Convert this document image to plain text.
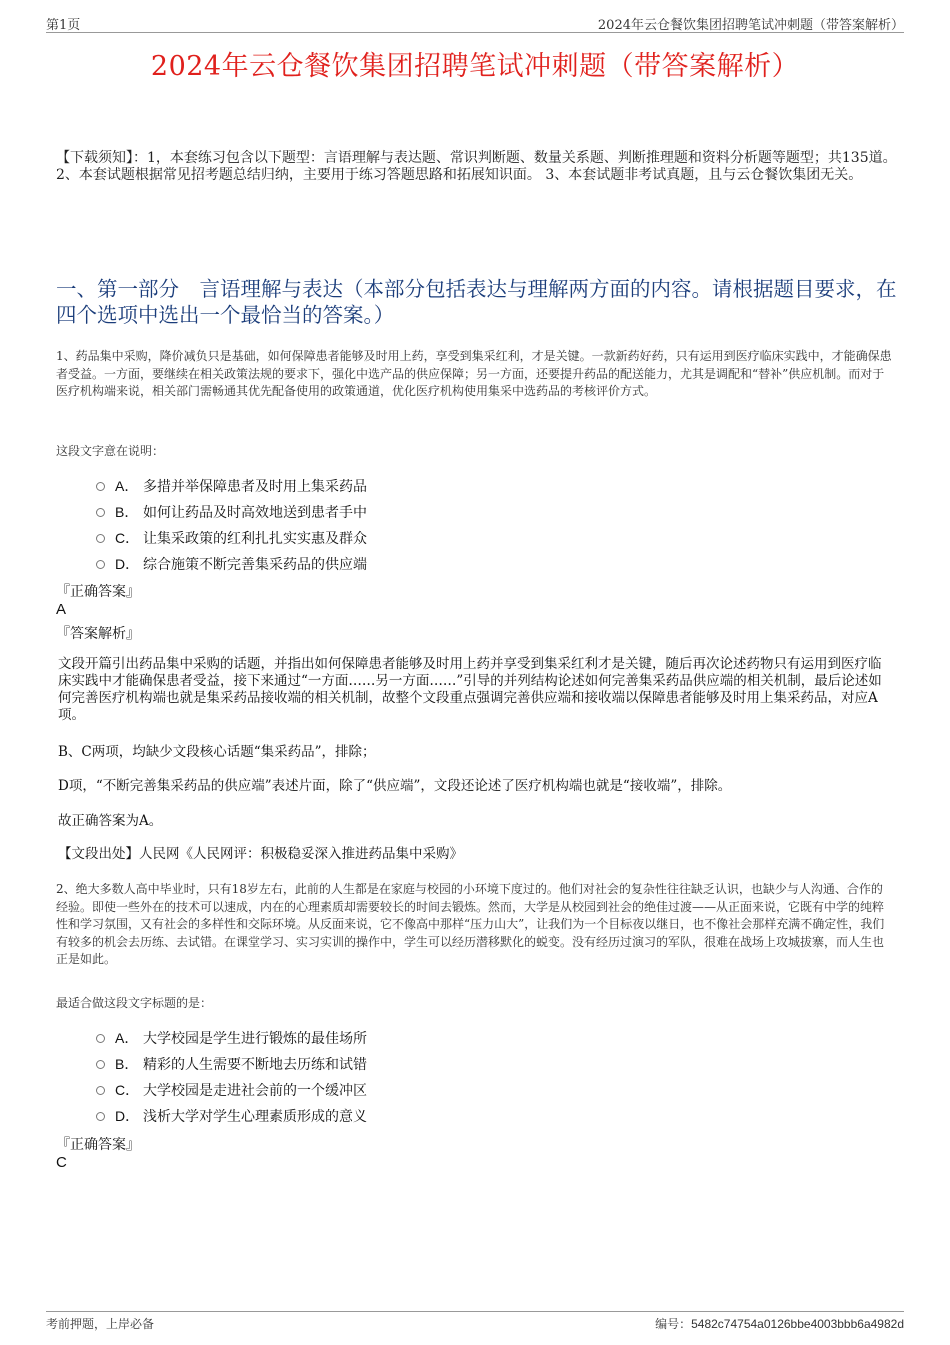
第1页	2024年云仓餐饮集团招聘笔试冲刺题（带答案解析）
2024年云仓餐饮集团招聘笔试冲刺题（带答案解析）
【下载须知】：1，本套练习包含以下题型：言语理解与表达题、常识判断题、数量关系题、判断推理题和资料分析题等题型；共135道。 2、本套试题根据常见招考题总结归纳，主要用于练习答题思路和拓展知识面。 3、本套试题非考试真题，且与云仓餐饮集团无关。
一、第一部分　言语理解与表达（本部分包括表达与理解两方面的内容。请根据题目要求，在四个选项中选出一个最恰当的答案。）
1、药品集中采购，降价减负只是基础，如何保障患者能够及时用上药，享受到集采红利，才是关键。一款新药好药，只有运用到医疗临床实践中，才能确保患者受益。一方面，要继续在相关政策法规的要求下，强化中选产品的供应保障；另一方面，还要提升药品的配送能力，尤其是调配和“替补”供应机制。而对于医疗机构端来说，相关部门需畅通其优先配备使用的政策通道，优化医疗机构使用集采中选药品的考核评价方式。
这段文字意在说明：
A． 多措并举保障患者及时用上集采药品
B． 如何让药品及时高效地送到患者手中
C． 让集采政策的红利扎扎实实惠及群众
D． 综合施策不断完善集采药品的供应端
『正确答案』
A
『答案解析』
文段开篇引出药品集中采购的话题，并指出如何保障患者能够及时用上药并享受到集采红利才是关键，随后再次论述药物只有运用到医疗临床实践中才能确保患者受益，接下来通过“一方面……另一方面……”引导的并列结构论述如何完善集采药品供应端的相关机制，最后论述如何完善医疗机构端也就是集采药品接收端的相关机制，故整个文段重点强调完善供应端和接收端以保障患者能够及时用上集采药品，对应A项。
B、C两项，均缺少文段核心话题“集采药品”，排除；
D项，“不断完善集采药品的供应端”表述片面，除了“供应端”，文段还论述了医疗机构端也就是“接收端”，排除。
故正确答案为A。
【文段出处】人民网《人民网评：积极稳妥深入推进药品集中采购》
2、绝大多数人高中毕业时，只有18岁左右，此前的人生都是在家庭与校园的小环境下度过的。他们对社会的复杂性往往缺乏认识，也缺少与人沟通、合作的经验。即使一些外在的技术可以速成，内在的心理素质却需要较长的时间去锻炼。然而，大学是从校园到社会的绝佳过渡——从正面来说，它既有中学的纯粹性和学习氛围，又有社会的多样性和交际环境。从反面来说，它不像高中那样“压力山大”，让我们为一个目标夜以继日，也不像社会那样充满不确定性，我们有较多的机会去历练、去试错。在课堂学习、实习实训的操作中，学生可以经历潜移默化的蜕变。没有经历过演习的军队，很难在战场上攻城拔寨，而人生也正是如此。
最适合做这段文字标题的是：
A． 大学校园是学生进行锻炼的最佳场所
B． 精彩的人生需要不断地去历练和试错
C． 大学校园是走进社会前的一个缓冲区
D． 浅析大学对学生心理素质形成的意义
『正确答案』
C
考前押题，上岸必备	编号：5482c74754a0126bbe4003bbb6a4982d
